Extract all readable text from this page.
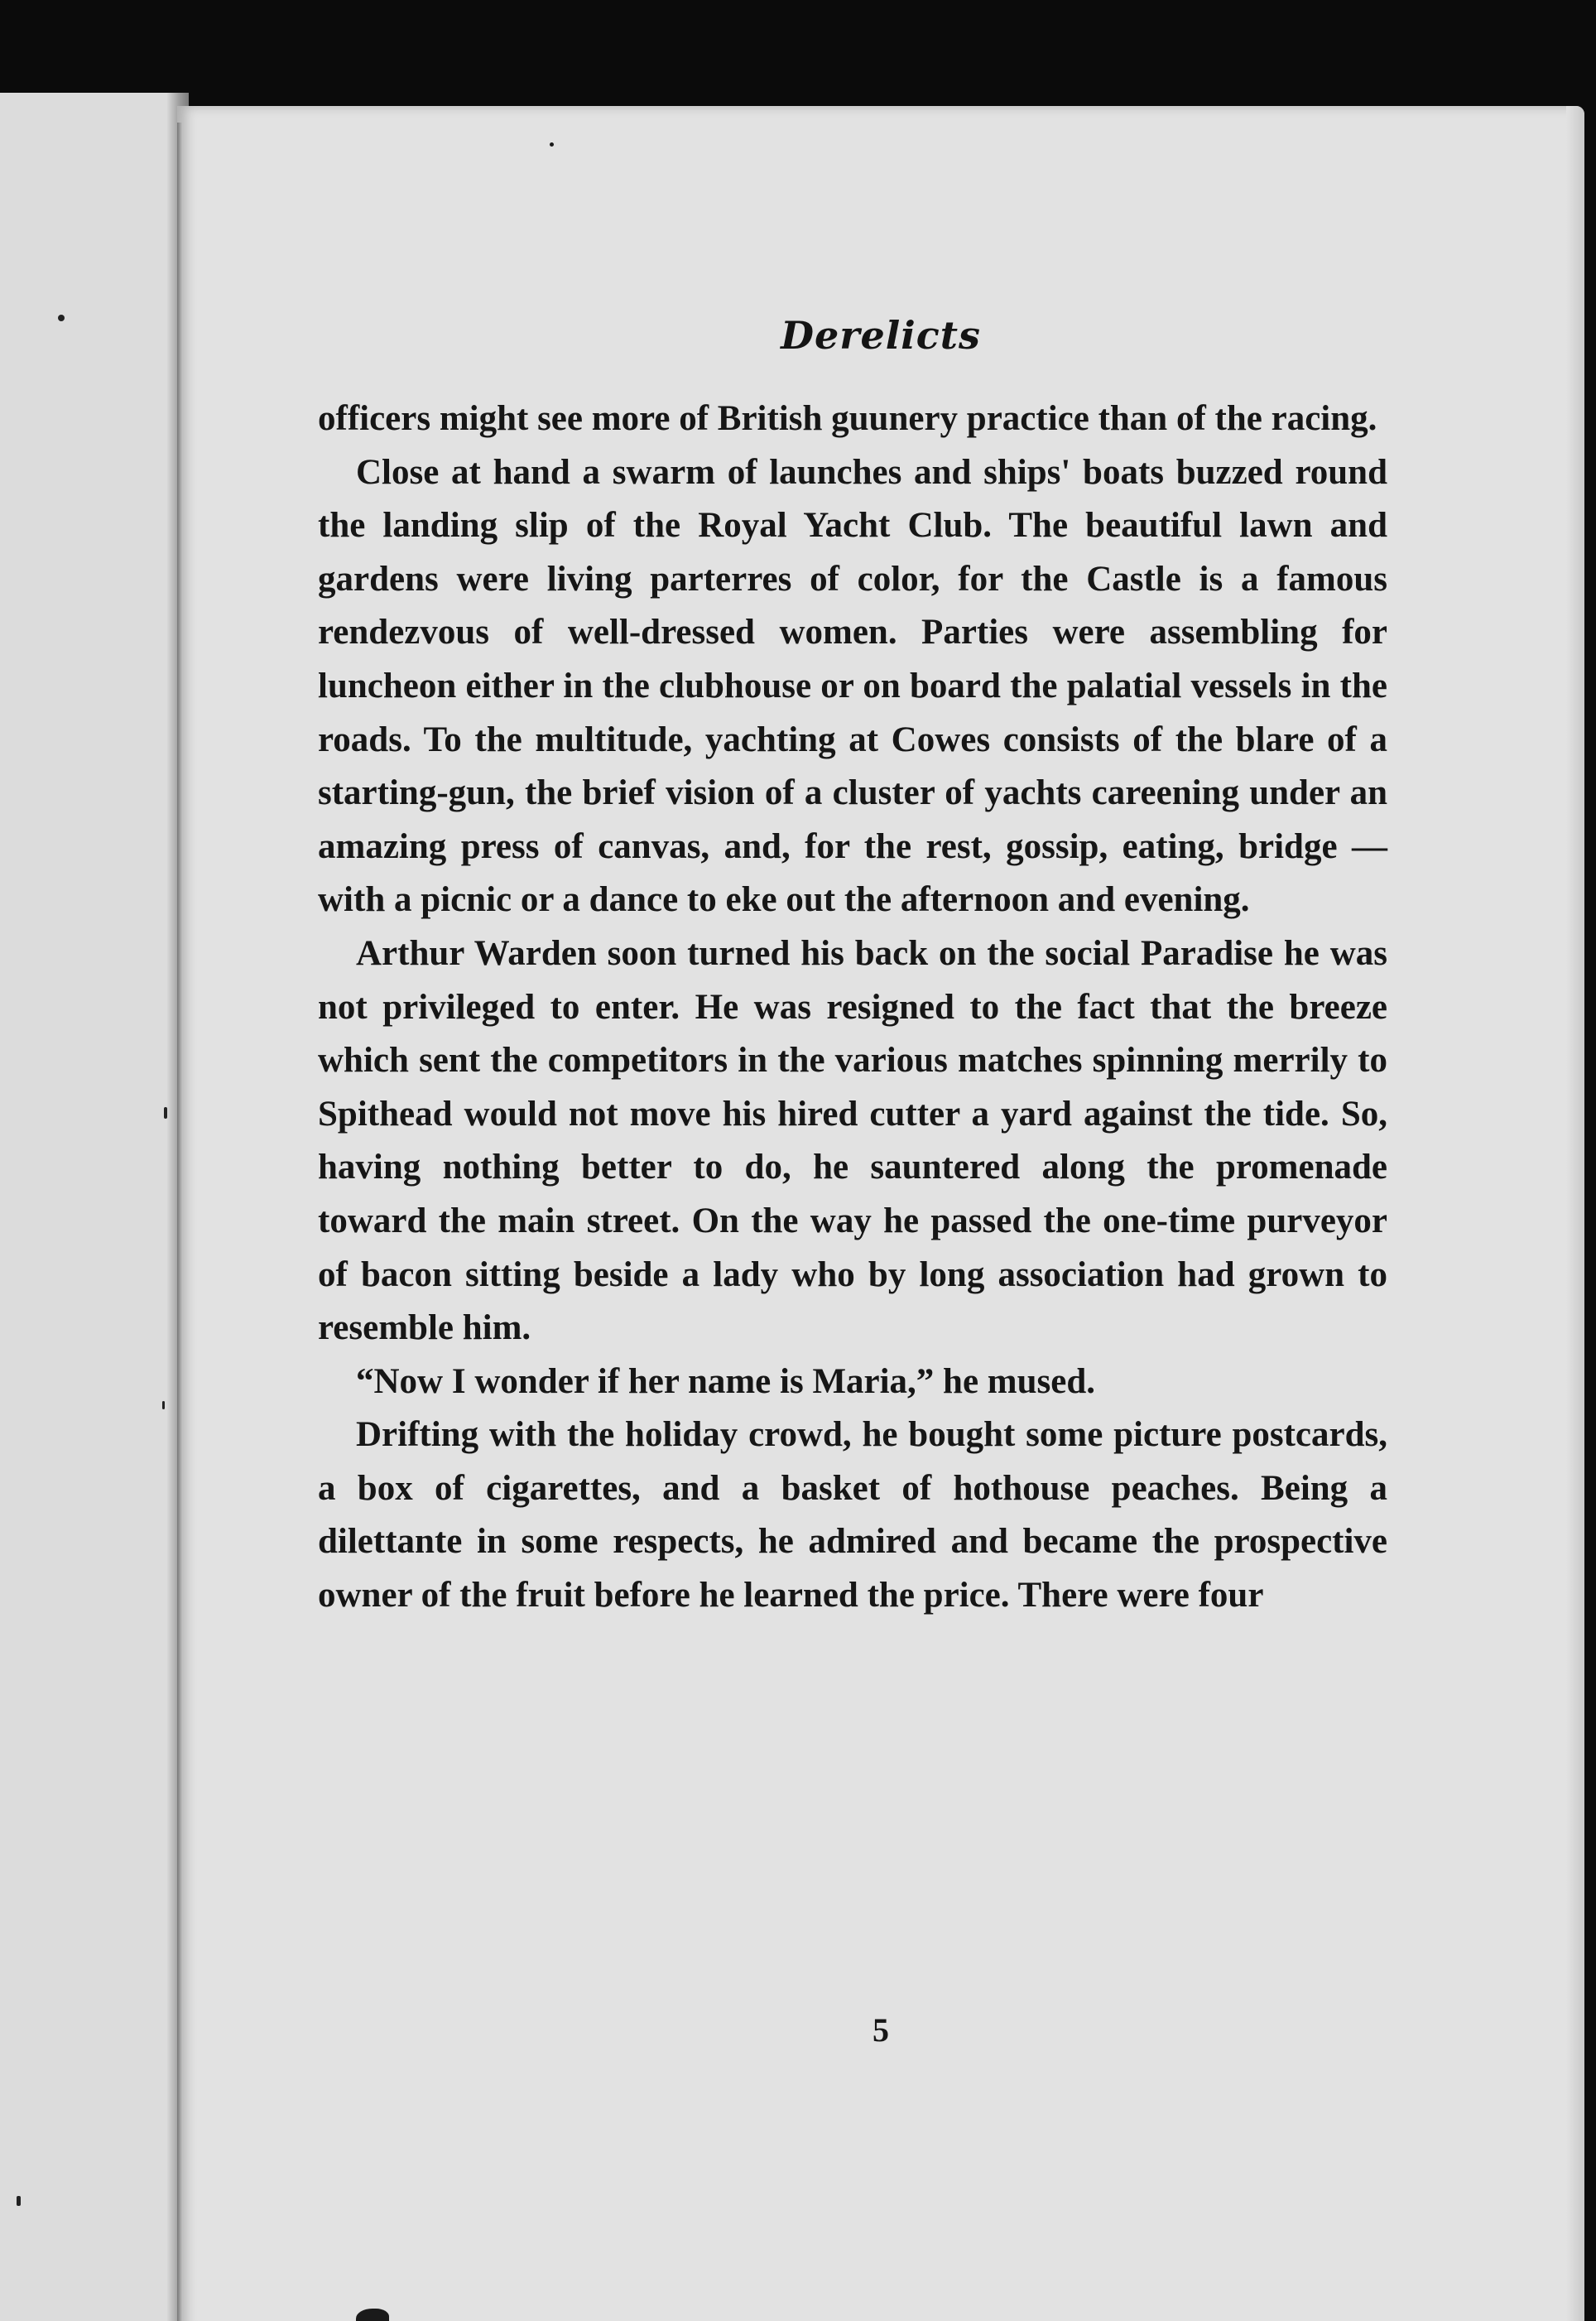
Derelicts

officers might see more of British guunery practice than of the racing.

Close at hand a swarm of launches and ships' boats buzzed round the landing slip of the Royal Yacht Club. The beautiful lawn and gardens were living parterres of color, for the Castle is a famous rendezvous of well-dressed women. Parties were assembling for luncheon either in the clubhouse or on board the palatial vessels in the roads. To the multitude, yachting at Cowes consists of the blare of a starting-gun, the brief vision of a cluster of yachts careening under an amazing press of canvas, and, for the rest, gossip, eating, bridge — with a picnic or a dance to eke out the afternoon and evening.

Arthur Warden soon turned his back on the social Paradise he was not privileged to enter. He was resigned to the fact that the breeze which sent the competitors in the various matches spinning merrily to Spithead would not move his hired cutter a yard against the tide. So, having nothing better to do, he sauntered along the promenade toward the main street. On the way he passed the one-time purveyor of bacon sitting beside a lady who by long association had grown to resemble him.

“Now I wonder if her name is Maria,” he mused.

Drifting with the holiday crowd, he bought some picture postcards, a box of cigarettes, and a basket of hothouse peaches. Being a dilettante in some respects, he admired and became the prospective owner of the fruit before he learned the price. There were four

5
